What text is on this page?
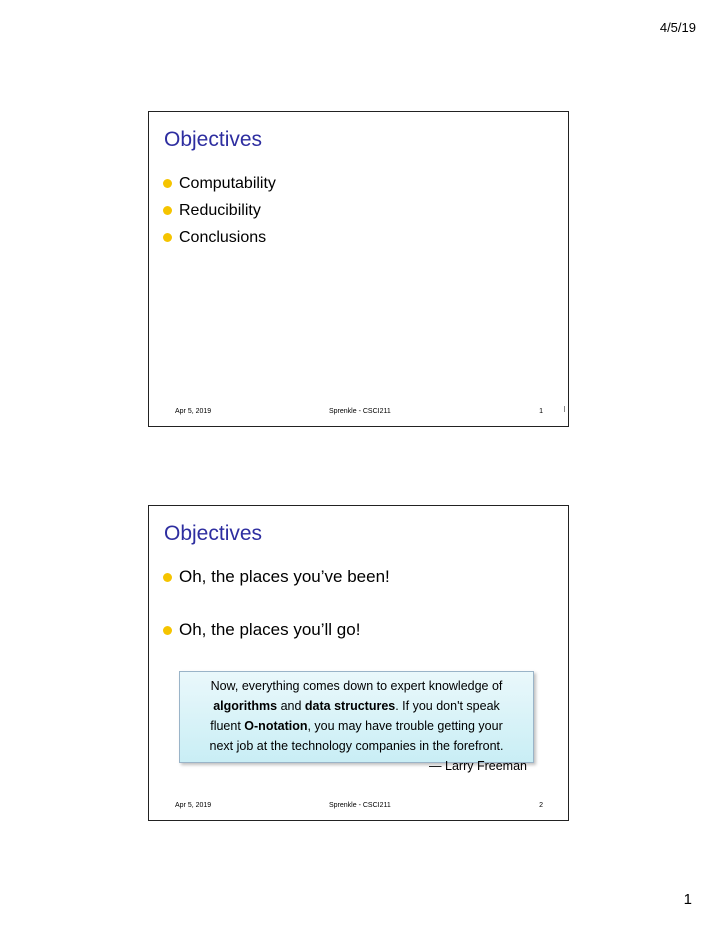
4/5/19
Objectives
Computability
Reducibility
Conclusions
Apr 5, 2019	Sprenkle - CSCI211	1
Objectives
Oh, the places you’ve been!
Oh, the places you’ll go!
Now, everything comes down to expert knowledge of
algorithms and data structures. If you don't speak
fluent O-notation, you may have trouble getting your
next job at the technology companies in the forefront.
— Larry Freeman
Apr 5, 2019	Sprenkle - CSCI211	2
1
